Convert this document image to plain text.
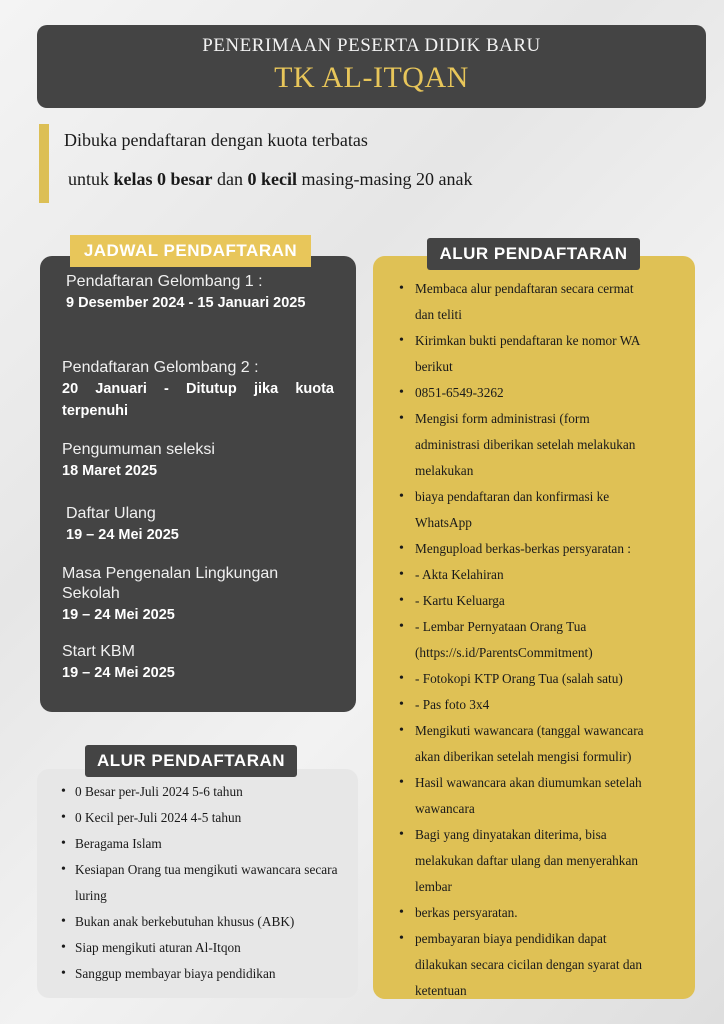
PENERIMAAN PESERTA DIDIK BARU
TK AL-ITQAN
Dibuka pendaftaran dengan kuota terbatas
untuk kelas 0 besar dan 0 kecil masing-masing 20 anak
Pendaftaran Gelombang 1 :
9 Desember 2024 - 15 Januari 2025
Pendaftaran Gelombang 2 :
20 Januari - Ditutup jika kuota terpenuhi
Pengumuman seleksi
18 Maret 2025
Daftar Ulang
19 – 24 Mei 2025
Masa Pengenalan Lingkungan Sekolah
19 – 24 Mei 2025
Start KBM
19 – 24 Mei 2025
JADWAL PENDAFTARAN
• Membaca alur pendaftaran secara cermat
dan teliti
• Kirimkan bukti pendaftaran ke nomor WA
berikut
• 0851-6549-3262
• Mengisi form administrasi (form
administrasi diberikan setelah melakukan
melakukan
• biaya pendaftaran dan konfirmasi ke
WhatsApp
• Mengupload berkas-berkas persyaratan :
• - Akta Kelahiran
• - Kartu Keluarga
• - Lembar Pernyataan Orang Tua
(https://s.id/ParentsCommitment)
• - Fotokopi KTP Orang Tua (salah satu)
• - Pas foto 3x4
• Mengikuti wawancara (tanggal wawancara
akan diberikan setelah mengisi formulir)
• Hasil wawancara akan diumumkan setelah
wawancara
• Bagi yang dinyatakan diterima, bisa
melakukan daftar ulang dan menyerahkan
lembar
• berkas persyaratan.
• pembayaran biaya pendidikan dapat
dilakukan secara cicilan dengan syarat dan
ketentuan
ALUR PENDAFTARAN
• 0 Besar per-Juli 2024 5-6 tahun
• 0 Kecil per-Juli 2024 4-5 tahun
• Beragama Islam
• Kesiapan Orang tua mengikuti wawancara secara luring
• Bukan anak berkebutuhan khusus (ABK)
• Siap mengikuti aturan Al-Itqon
• Sanggup membayar biaya pendidikan
ALUR PENDAFTARAN
